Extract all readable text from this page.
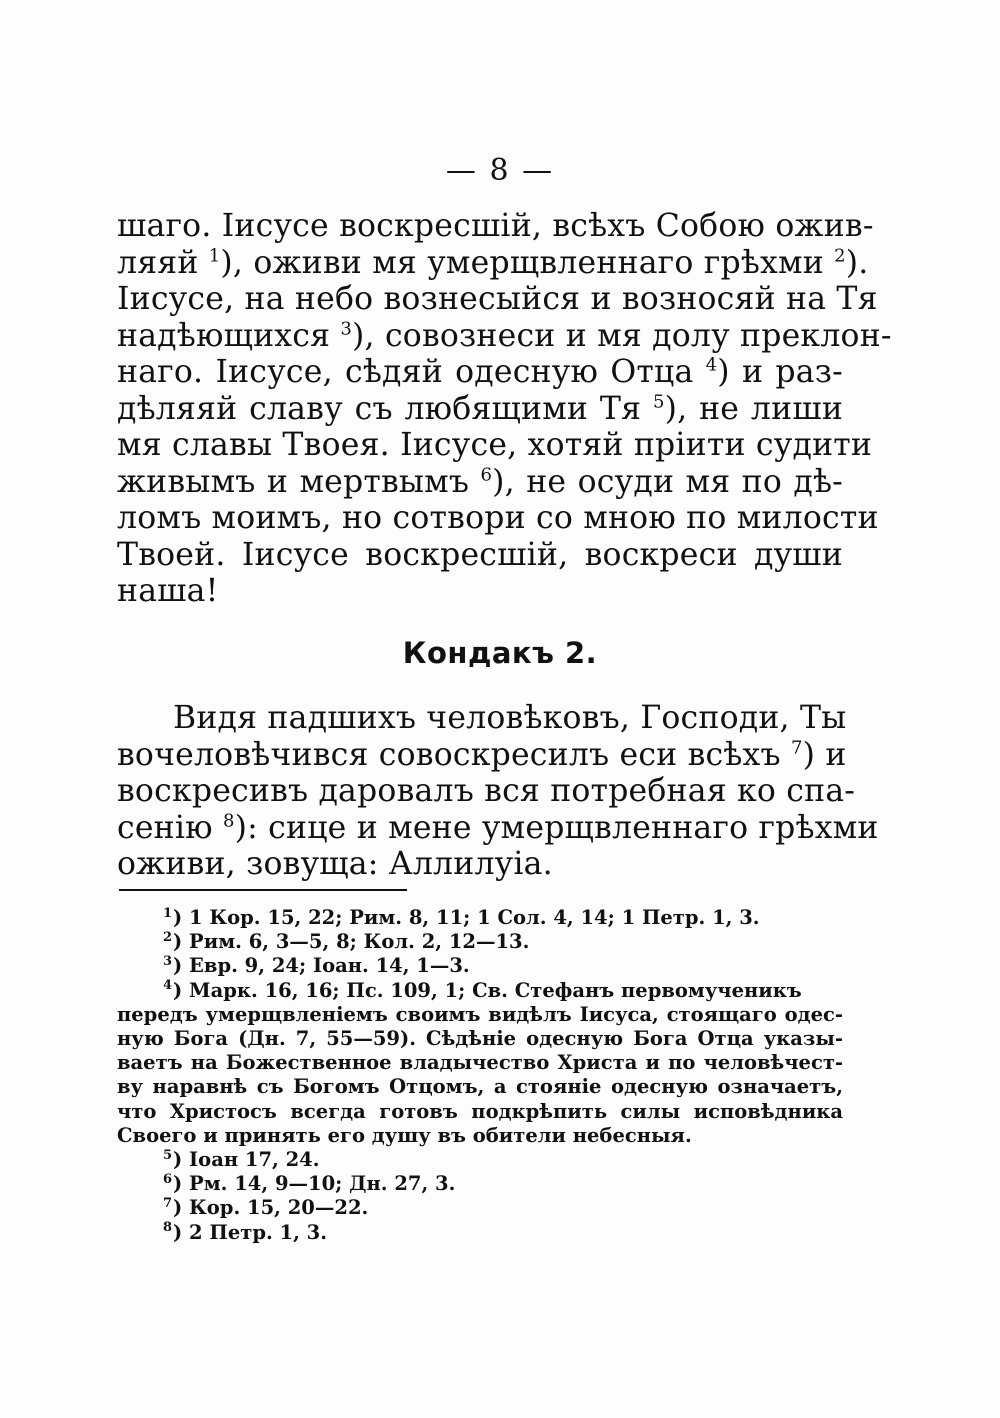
— 8 —
шаго. Іисусе воскресшій, всѣхъ Собою ожив-
ляяй $^1$), оживи мя умерщвленнаго грѣхми $^2$).
Іисусе, на небо вознесыйся и возносяй на Тя
надѣющихся $^3$), совознеси и мя долу преклон-
наго. Іисусе, сѣдяй одесную Отца $^4$) и раз-
дѣляяй славу съ любящими Тя $^5$), не лиши
мя славы Твоея. Іисусе, хотяй пріити судити
живымъ и мертвымъ $^6$), не осуди мя по дѣ-
ломъ моимъ, но сотвори со мною по милости
Твоей. Іисусе воскресшій, воскреси души
наша!
Кондакъ 2.
Видя падшихъ человѣковъ, Господи, Ты
вочеловѣчився совоскресилъ еси всѣхъ $^7$) и
воскресивъ даровалъ вся потребная ко спа-
сенію $^8$): сице и мене умерщвленнаго грѣхми
оживи, зовуща: Аллилуіа.
$^1$) 1 Кор. 15, 22; Рим. 8, 11; 1 Сол. 4, 14; 1 Петр. 1, 3.
$^2$) Рим. 6, 3—5, 8; Кол. 2, 12—13.
$^3$) Евр. 9, 24; Іоан. 14, 1—3.
$^4$) Марк. 16, 16; Пс. 109, 1; Св. Стефанъ первомученикъ
передъ умерщвленіемъ своимъ видѣлъ Іисуса, стоящаго одес-
ную Бога (Дн. 7, 55—59). Сѣдѣніе одесную Бога Отца указы-
ваетъ на Божественное владычество Христа и по человѣчест-
ву наравнѣ съ Богомъ Отцомъ, а стояніе одесную означаетъ,
что Христосъ всегда готовъ подкрѣпить силы исповѣдника
Своего и принять его душу въ обители небесныя.
$^5$) Іоан 17, 24.
$^6$) Рм. 14, 9—10; Дн. 27, 3.
$^7$) Кор. 15, 20—22.
$^8$) 2 Петр. 1, 3.
